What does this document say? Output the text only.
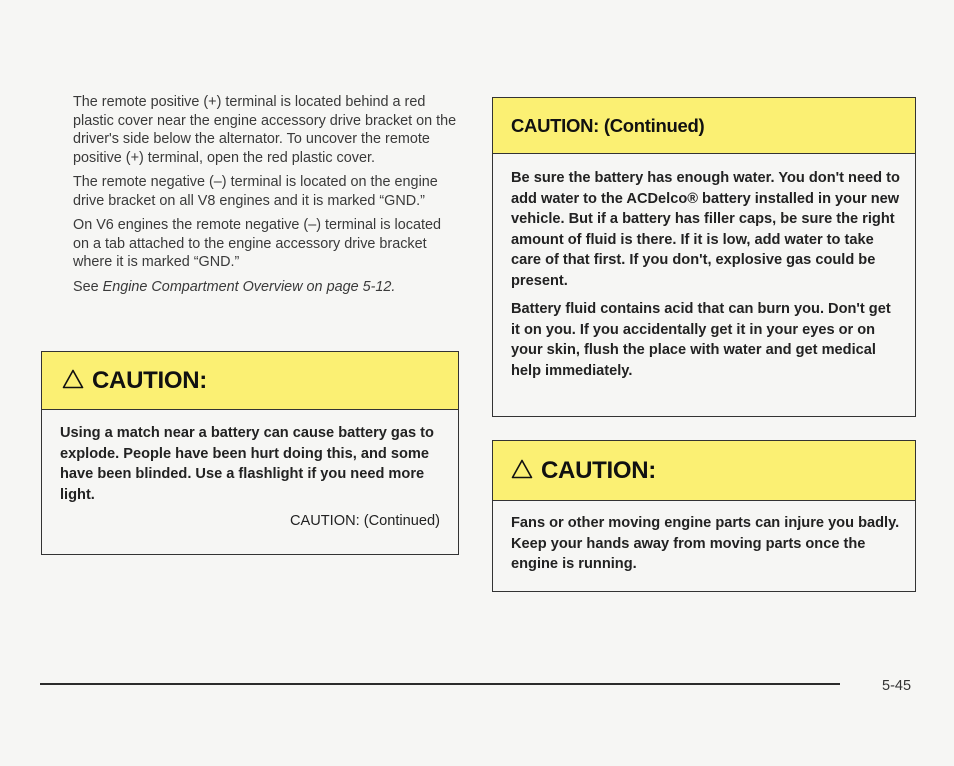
The remote positive (+) terminal is located behind a red plastic cover near the engine accessory drive bracket on the driver's side below the alternator. To uncover the remote positive (+) terminal, open the red plastic cover.

The remote negative (–) terminal is located on the engine drive bracket on all V8 engines and it is marked “GND.”

On V6 engines the remote negative (–) terminal is located on a tab attached to the engine accessory drive bracket where it is marked “GND.”

See Engine Compartment Overview on page 5-12.

CAUTION:

Using a match near a battery can cause battery gas to explode. People have been hurt doing this, and some have been blinded. Use a flashlight if you need more light.

CAUTION: (Continued)
CAUTION: (Continued)

Be sure the battery has enough water. You don't need to add water to the ACDelco® battery installed in your new vehicle. But if a battery has filler caps, be sure the right amount of fluid is there. If it is low, add water to take care of that first. If you don't, explosive gas could be present.

Battery fluid contains acid that can burn you. Don't get it on you. If you accidentally get it in your eyes or on your skin, flush the place with water and get medical help immediately.

CAUTION:

Fans or other moving engine parts can injure you badly. Keep your hands away from moving parts once the engine is running.

5-45
